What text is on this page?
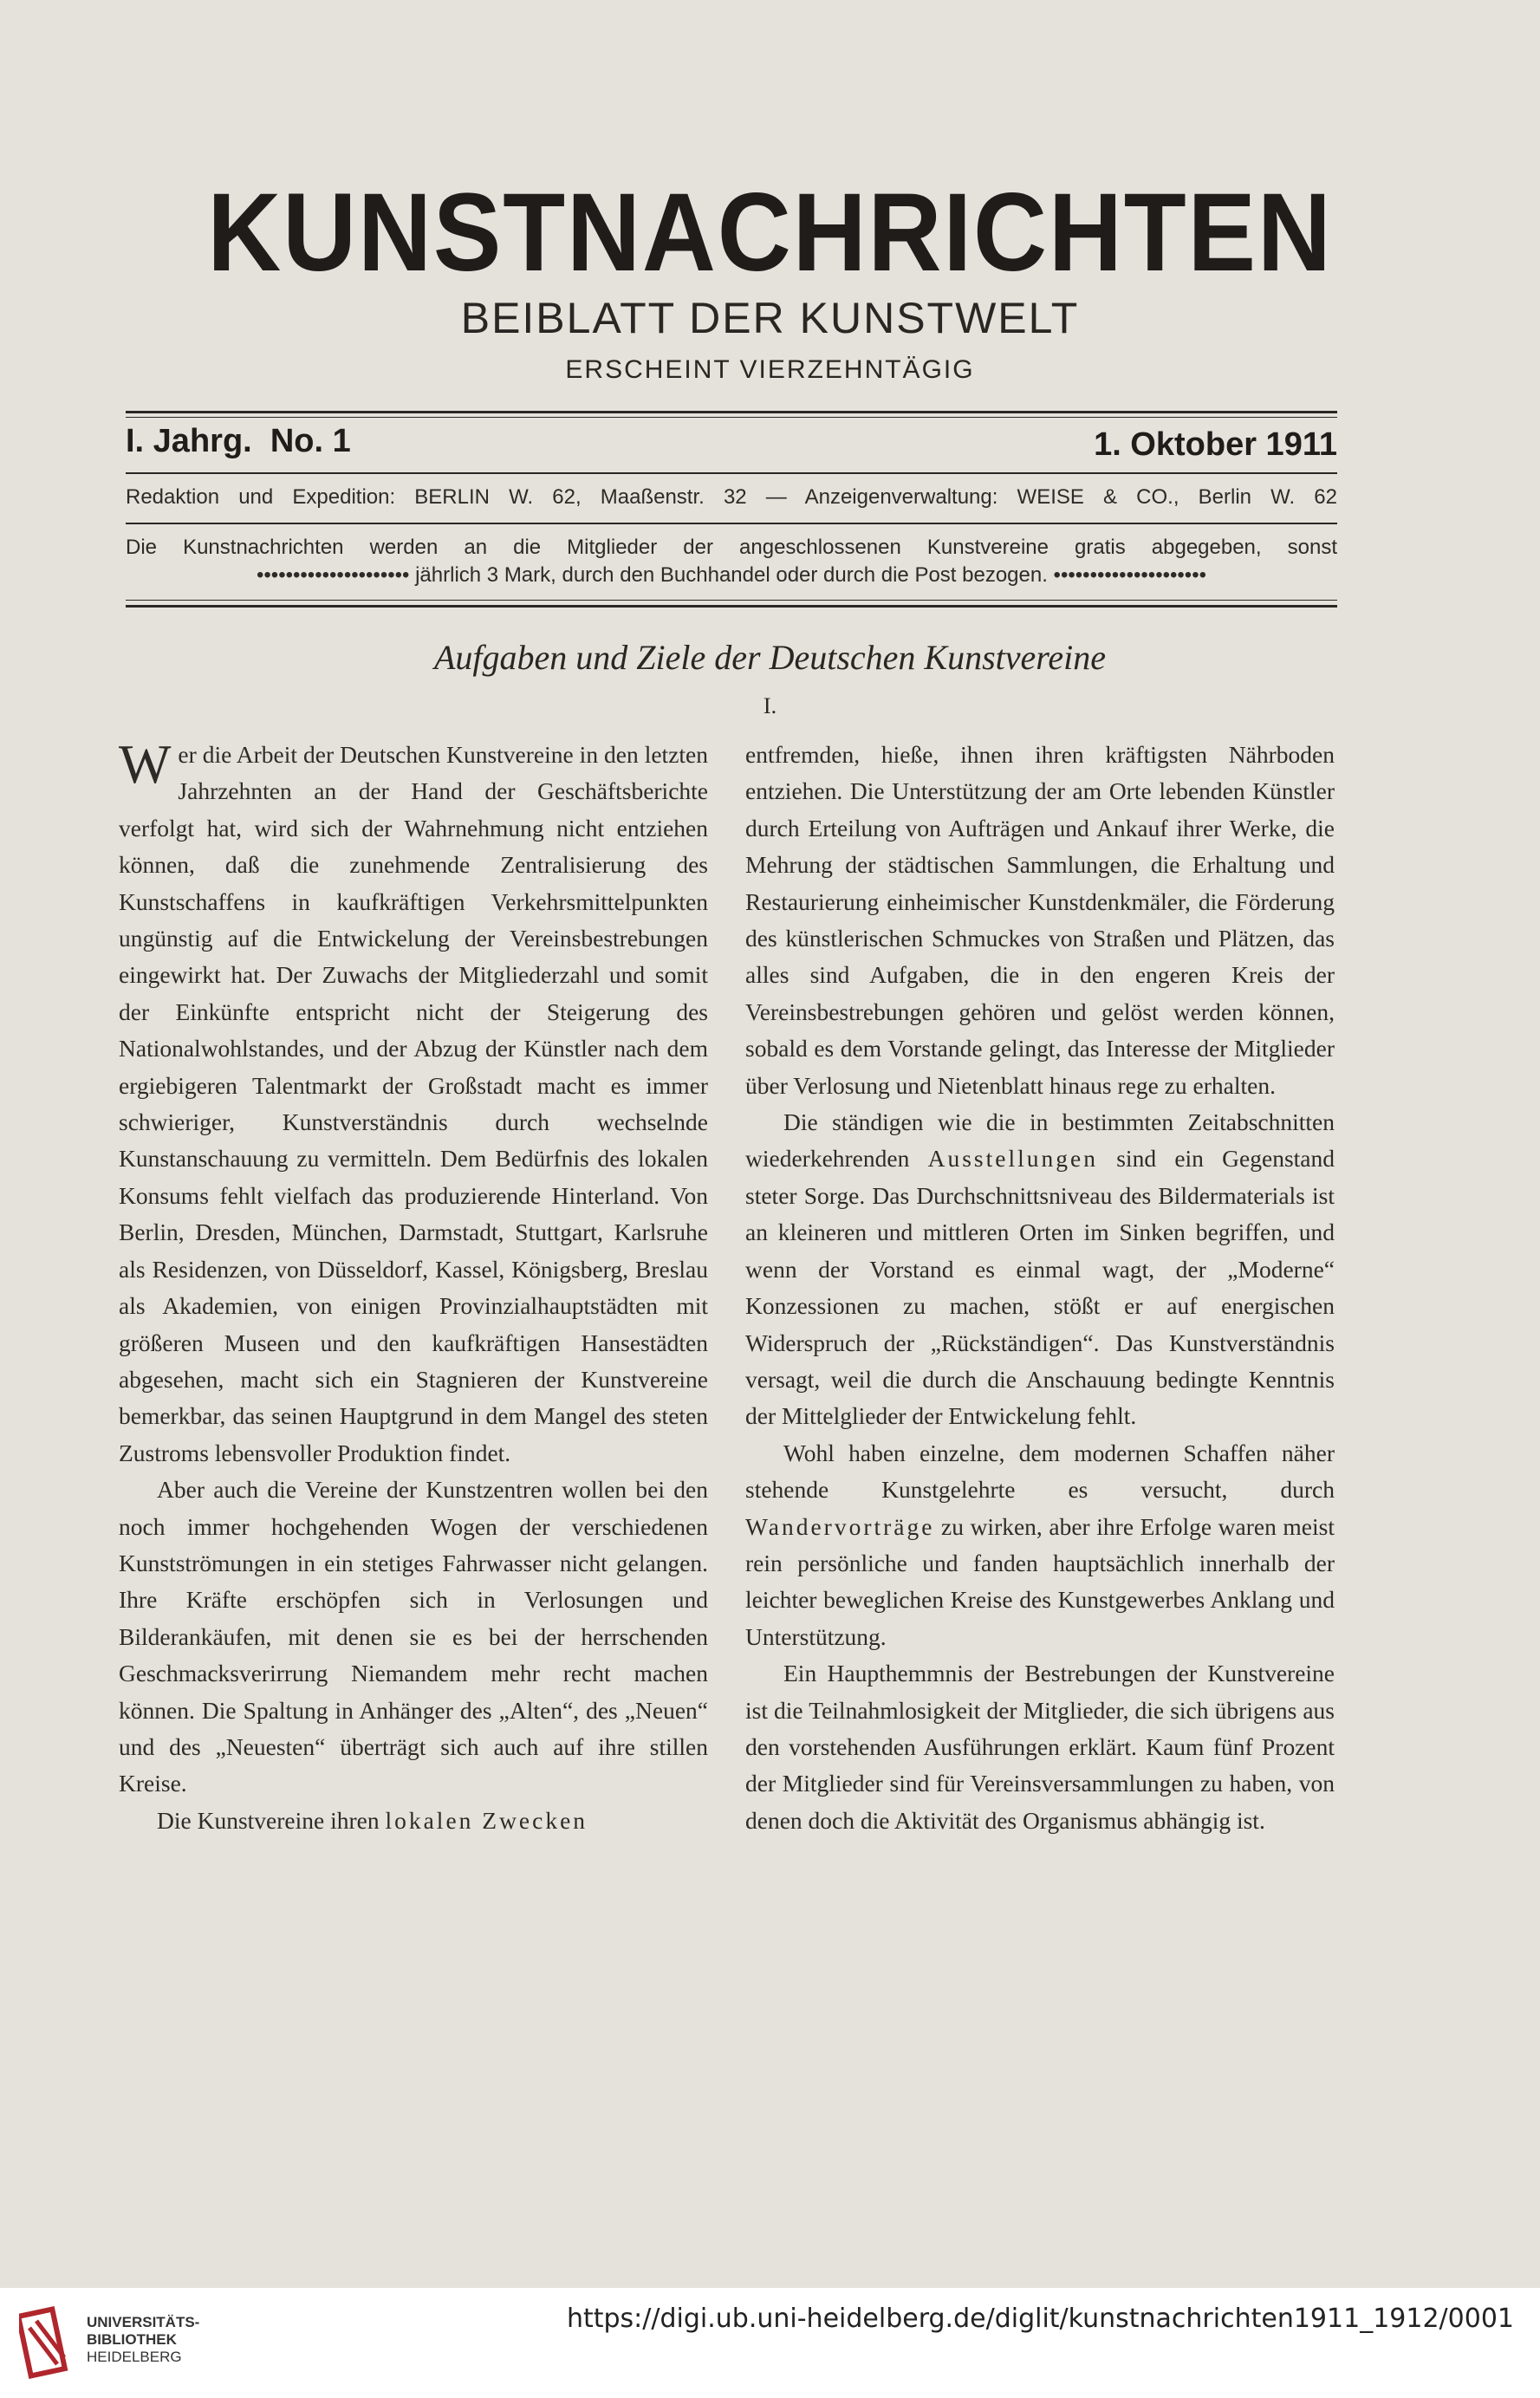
KUNSTNACHRICHTEN
BEIBLATT DER KUNSTWELT
ERSCHEINT VIERZEHNTÄGIG
I. Jahrg.  No. 1	1. Oktober 1911
Redaktion und Expedition: BERLIN W. 62, Maaßenstr. 32 — Anzeigenverwaltung: WEISE & CO., Berlin W. 62
Die Kunstnachrichten werden an die Mitglieder der angeschlossenen Kunstvereine gratis abgegeben, sonst
••••••••••••••••••••• jährlich 3 Mark, durch den Buchhandel oder durch die Post bezogen. •••••••••••••••••••••
Aufgaben und Ziele der Deutschen Kunstvereine
I.

Wer die Arbeit der Deutschen Kunstvereine in den letzten Jahrzehnten an der Hand der Geschäftsberichte verfolgt hat, wird sich der Wahrnehmung nicht entziehen können, daß die zunehmende Zentralisierung des Kunstschaffens in kaufkräftigen Verkehrsmittelpunkten ungünstig auf die Entwickelung der Vereinsbestrebungen eingewirkt hat. Der Zuwachs der Mitgliederzahl und somit der Einkünfte entspricht nicht der Steigerung des Nationalwohlstandes, und der Abzug der Künstler nach dem ergiebigeren Talentmarkt der Großstadt macht es immer schwieriger, Kunstverständnis durch wechselnde Kunstanschauung zu vermitteln. Dem Bedürfnis des lokalen Konsums fehlt vielfach das produzierende Hinterland. Von Berlin, Dresden, München, Darmstadt, Stuttgart, Karlsruhe als Residenzen, von Düsseldorf, Kassel, Königsberg, Breslau als Akademien, von einigen Provinzialhauptstädten mit größeren Museen und den kaufkräftigen Hansestädten abgesehen, macht sich ein Stagnieren der Kunstvereine bemerkbar, das seinen Hauptgrund in dem Mangel des steten Zustroms lebensvoller Produktion findet.

Aber auch die Vereine der Kunstzentren wollen bei den noch immer hochgehenden Wogen der verschiedenen Kunstströmungen in ein stetiges Fahrwasser nicht gelangen. Ihre Kräfte erschöpfen sich in Verlosungen und Bilderankäufen, mit denen sie es bei der herrschenden Geschmacksverirrung Niemandem mehr recht machen können. Die Spaltung in Anhänger des „Alten“, des „Neuen“ und des „Neuesten“ überträgt sich auch auf ihre stillen Kreise.

Die Kunstvereine ihren lokalen Zwecken

entfremden, hieße, ihnen ihren kräftigsten Nährboden entziehen. Die Unterstützung der am Orte lebenden Künstler durch Erteilung von Aufträgen und Ankauf ihrer Werke, die Mehrung der städtischen Sammlungen, die Erhaltung und Restaurierung einheimischer Kunstdenkmäler, die Förderung des künstlerischen Schmuckes von Straßen und Plätzen, das alles sind Aufgaben, die in den engeren Kreis der Vereinsbestrebungen gehören und gelöst werden können, sobald es dem Vorstande gelingt, das Interesse der Mitglieder über Verlosung und Nietenblatt hinaus rege zu erhalten.

Die ständigen wie die in bestimmten Zeitabschnitten wiederkehrenden Ausstellungen sind ein Gegenstand steter Sorge. Das Durchschnittsniveau des Bildermaterials ist an kleineren und mittleren Orten im Sinken begriffen, und wenn der Vorstand es einmal wagt, der „Moderne“ Konzessionen zu machen, stößt er auf energischen Widerspruch der „Rückständigen“. Das Kunstverständnis versagt, weil die durch die Anschauung bedingte Kenntnis der Mittelglieder der Entwickelung fehlt.

Wohl haben einzelne, dem modernen Schaffen näher stehende Kunstgelehrte es versucht, durch Wandervorträge zu wirken, aber ihre Erfolge waren meist rein persönliche und fanden hauptsächlich innerhalb der leichter beweglichen Kreise des Kunstgewerbes Anklang und Unterstützung.

Ein Haupthemmnis der Bestrebungen der Kunstvereine ist die Teilnahmlosigkeit der Mitglieder, die sich übrigens aus den vorstehenden Ausführungen erklärt. Kaum fünf Prozent der Mitglieder sind für Vereinsversammlungen zu haben, von denen doch die Aktivität des Organismus abhängig ist.

UNIVERSITÄTS-
BIBLIOTHEK
HEIDELBERG
https://digi.ub.uni-heidelberg.de/diglit/kunstnachrichten1911_1912/0001
